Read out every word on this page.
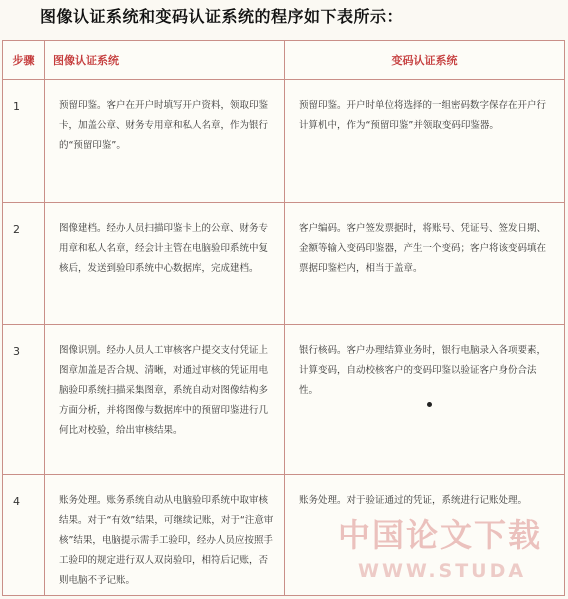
图像认证系统和变码认证系统的程序如下表所示：
步骤	图像认证系统	变码认证系统
1	预留印鉴。客户在开户时填写开户资料，领取印鉴卡，加盖公章、财务专用章和私人名章，作为银行的“预留印鉴”。	预留印鉴。开户时单位将选择的一组密码数字保存在开户行计算机中，作为“预留印鉴”并领取变码印鉴器。
2	图像建档。经办人员扫描印鉴卡上的公章、财务专用章和私人名章，经会计主管在电脑验印系统中复核后，发送到验印系统中心数据库，完成建档。	客户编码。客户签发票据时，将账号、凭证号、签发日期、金额等输入变码印鉴器，产生一个变码；客户将该变码填在票据印鉴栏内，相当于盖章。
3	图像识别。经办人员人工审核客户提交支付凭证上图章加盖是否合规、清晰，对通过审核的凭证用电脑验印系统扫描采集图章，系统自动对图像结构多方面分析，并将图像与数据库中的预留印鉴进行几何比对校验，给出审核结果。	银行核码。客户办理结算业务时，银行电脑录入各项要素，计算变码，自动校核客户的变码印鉴以验证客户身份合法性。
4	账务处理。账务系统自动从电脑验印系统中取审核结果。对于“有效”结果，可继续记账，对于“注意审核”结果，电脑提示需手工验印，经办人员应按照手工验印的规定进行双人双岗验印，相符后记账，否则电脑不予记账。	账务处理。对于验证通过的凭证，系统进行记账处理。
中国论文下载
WWW.STUDA
